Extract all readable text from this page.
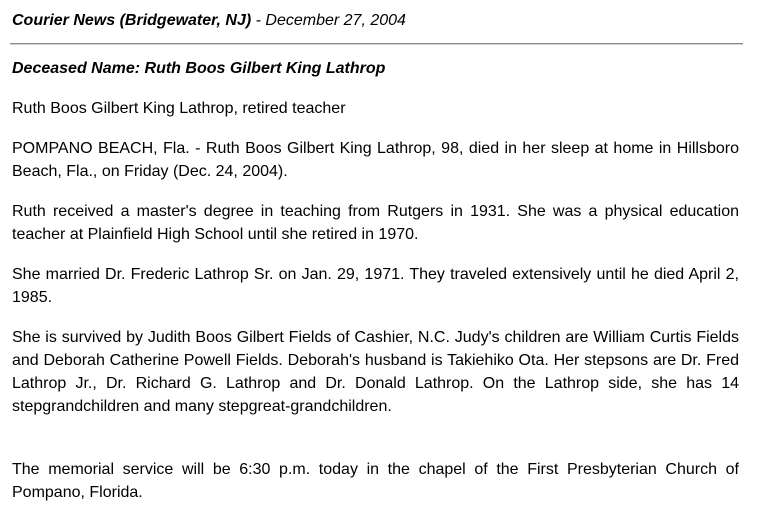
Courier News (Bridgewater, NJ) - December 27, 2004
Deceased Name: Ruth Boos Gilbert King Lathrop

Ruth Boos Gilbert King Lathrop, retired teacher

POMPANO BEACH, Fla. - Ruth Boos Gilbert King Lathrop, 98, died in her sleep at home in Hillsboro Beach, Fla., on Friday (Dec. 24, 2004).

Ruth received a master's degree in teaching from Rutgers in 1931. She was a physical education teacher at Plainfield High School until she retired in 1970.

She married Dr. Frederic Lathrop Sr. on Jan. 29, 1971. They traveled extensively until he died April 2, 1985.

She is survived by Judith Boos Gilbert Fields of Cashier, N.C. Judy's children are William Curtis Fields and Deborah Catherine Powell Fields. Deborah's husband is Takiehiko Ota. Her stepsons are Dr. Fred Lathrop Jr., Dr. Richard G. Lathrop and Dr. Donald Lathrop. On the Lathrop side, she has 14 stepgrandchildren and many stepgreat-grandchildren.

The memorial service will be 6:30 p.m. today in the chapel of the First Presbyterian Church of Pompano, Florida.
